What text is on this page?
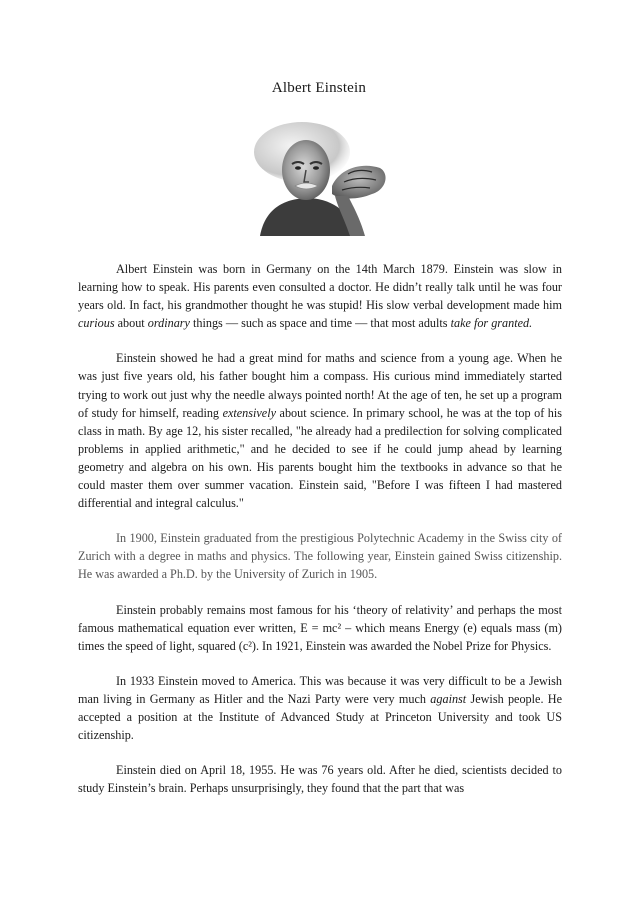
Albert Einstein

Albert Einstein was born in Germany on the 14th March 1879. Einstein was slow in learning how to speak. His parents even consulted a doctor. He didn’t really talk until he was four years old. In fact, his grandmother thought he was stupid! His slow verbal development made him curious about ordinary things — such as space and time — that most adults take for granted.

Einstein showed he had a great mind for maths and science from a young age. When he was just five years old, his father bought him a compass. His curious mind immediately started trying to work out just why the needle always pointed north! At the age of ten, he set up a program of study for himself, reading extensively about science. In primary school, he was at the top of his class in math. By age 12, his sister recalled, "he already had a predilection for solving complicated problems in applied arithmetic," and he decided to see if he could jump ahead by learning geometry and algebra on his own. His parents bought him the textbooks in advance so that he could master them over summer vacation. Einstein said, "Before I was fifteen I had mastered differential and integral calculus."

In 1900, Einstein graduated from the prestigious Polytechnic Academy in the Swiss city of Zurich with a degree in maths and physics. The following year, Einstein gained Swiss citizenship. He was awarded a Ph.D. by the University of Zurich in 1905.

Einstein probably remains most famous for his ‘theory of relativity’ and perhaps the most famous mathematical equation ever written, E = mc² – which means Energy (e) equals mass (m) times the speed of light, squared (c²). In 1921, Einstein was awarded the Nobel Prize for Physics.

In 1933 Einstein moved to America. This was because it was very difficult to be a Jewish man living in Germany as Hitler and the Nazi Party were very much against Jewish people. He accepted a position at the Institute of Advanced Study at Princeton University and took US citizenship.

Einstein died on April 18, 1955. He was 76 years old. After he died, scientists decided to study Einstein’s brain. Perhaps unsurprisingly, they found that the part that was
